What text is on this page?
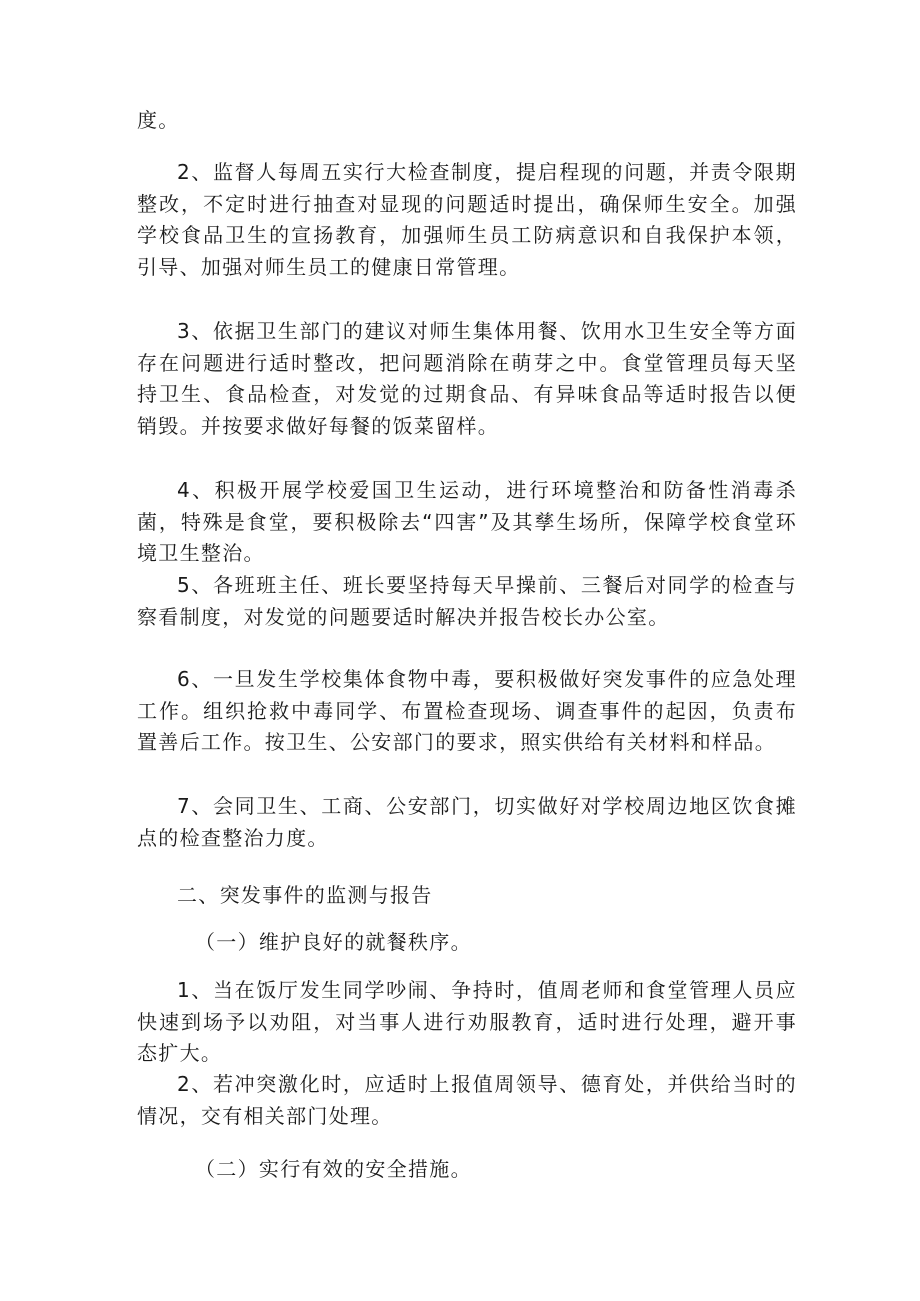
度。

2、监督人每周五实行大检查制度，提启程现的问题，并责令限期整改，不定时进行抽查对显现的问题适时提出，确保师生安全。加强学校食品卫生的宣扬教育，加强师生员工防病意识和自我保护本领，引导、加强对师生员工的健康日常管理。

3、依据卫生部门的建议对师生集体用餐、饮用水卫生安全等方面存在问题进行适时整改，把问题消除在萌芽之中。食堂管理员每天坚持卫生、食品检查，对发觉的过期食品、有异味食品等适时报告以便销毁。并按要求做好每餐的饭菜留样。

4、积极开展学校爱国卫生运动，进行环境整治和防备性消毒杀菌，特殊是食堂，要积极除去“四害”及其孳生场所，保障学校食堂环境卫生整治。

5、各班班主任、班长要坚持每天早操前、三餐后对同学的检查与察看制度，对发觉的问题要适时解决并报告校长办公室。

6、一旦发生学校集体食物中毒，要积极做好突发事件的应急处理工作。组织抢救中毒同学、布置检查现场、调查事件的起因，负责布置善后工作。按卫生、公安部门的要求，照实供给有关材料和样品。

7、会同卫生、工商、公安部门，切实做好对学校周边地区饮食摊点的检查整治力度。

二、突发事件的监测与报告

（一）维护良好的就餐秩序。

1、当在饭厅发生同学吵闹、争持时，值周老师和食堂管理人员应快速到场予以劝阻，对当事人进行劝服教育，适时进行处理，避开事态扩大。

2、若冲突激化时，应适时上报值周领导、德育处，并供给当时的情况，交有相关部门处理。

（二）实行有效的安全措施。
